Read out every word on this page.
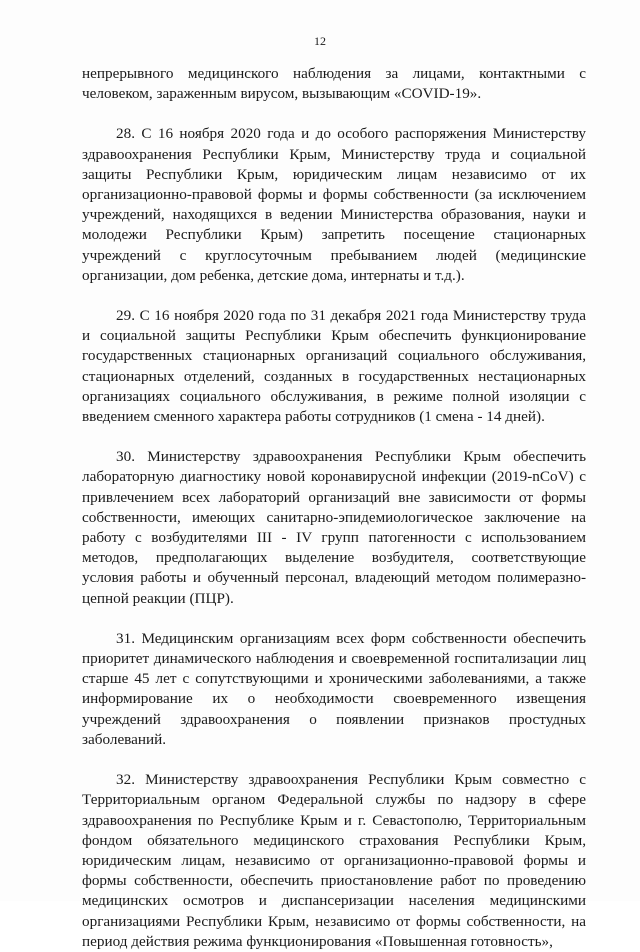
12

непрерывного медицинского наблюдения за лицами, контактными с человеком, зараженным вирусом, вызывающим «COVID-19».

28. С 16 ноября 2020 года и до особого распоряжения Министерству здравоохранения Республики Крым, Министерству труда и социальной защиты Республики Крым, юридическим лицам независимо от их организационно-правовой формы и формы собственности (за исключением учреждений, находящихся в ведении Министерства образования, науки и молодежи Республики Крым) запретить посещение стационарных учреждений с круглосуточным пребыванием людей (медицинские организации, дом ребенка, детские дома, интернаты и т.д.).

29. С 16 ноября 2020 года по 31 декабря 2021 года Министерству труда и социальной защиты Республики Крым обеспечить функционирование государственных стационарных организаций социального обслуживания, стационарных отделений, созданных в государственных нестационарных организациях социального обслуживания, в режиме полной изоляции с введением сменного характера работы сотрудников (1 смена - 14 дней).

30. Министерству здравоохранения Республики Крым обеспечить лабораторную диагностику новой коронавирусной инфекции (2019-nCoV) с привлечением всех лабораторий организаций вне зависимости от формы собственности, имеющих санитарно-эпидемиологическое заключение на работу с возбудителями III - IV групп патогенности с использованием методов, предполагающих выделение возбудителя, соответствующие условия работы и обученный персонал, владеющий методом полимеразно-цепной реакции (ПЦР).

31. Медицинским организациям всех форм собственности обеспечить приоритет динамического наблюдения и своевременной госпитализации лиц старше 45 лет с сопутствующими и хроническими заболеваниями, а также информирование их о необходимости своевременного извещения учреждений здравоохранения о появлении признаков простудных заболеваний.

32. Министерству здравоохранения Республики Крым совместно с Территориальным органом Федеральной службы по надзору в сфере здравоохранения по Республике Крым и г. Севастополю, Территориальным фондом обязательного медицинского страхования Республики Крым, юридическим лицам, независимо от организационно-правовой формы и формы собственности, обеспечить приостановление работ по проведению медицинских осмотров и диспансеризации населения медицинскими организациями Республики Крым, независимо от формы собственности, на период действия режима функционирования «Повышенная готовность»,
